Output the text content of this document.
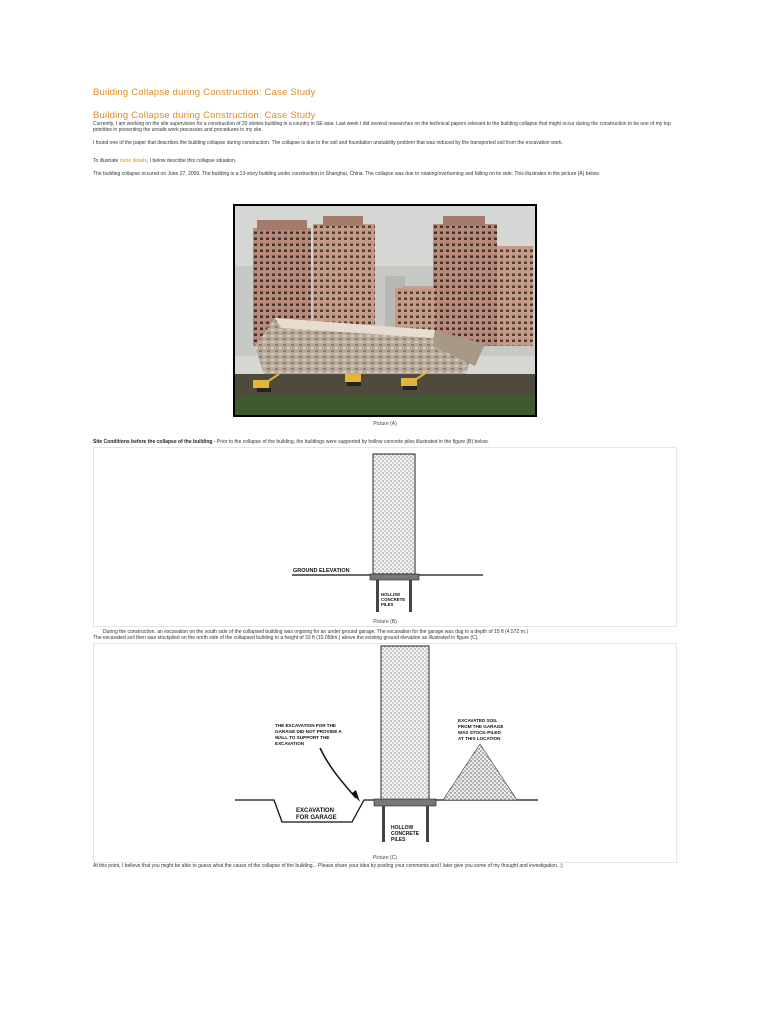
Building Collapse during Construction: Case Study
Building Collapse during Construction: Case Study
Currently, I am working on the site supervision for a construction of 20 stories building in a country in SE asia. Last week I did several researches on the technical papers relevant to the building collapse that might occur during the construction to be one of my top priorities in preventing the unsafe work processes and procedures in my site.
I found one of the paper that describes the building collapse during construction. The collapse is due to the soil and foundation unstability problem that was induced by the transported soil from the excavation work.
To illustrate more details, I below describe this collapse situation.
The building collapse occured on June 27, 2009. The building is a 13-story building under construction in Shanghai, China. The collapse was due to rotating/overturning and falling on its side. This illustrates in the picture (A) below.
Picture (A)
Site Conditions before the collapse of the building - Prior to the collapse of the building, the buildings were supported by hollow concrete piles illustrated in the figure (B) below.
GROUND ELEVATION
HOLLOW
CONCRETE
PILES
Picture (B)
During the construction, an excavation on the south side of the collapsed building was ongoing for an under ground garage. The excavation for the garage was dug to a depth of 15 ft (4.572 m.)
The excavated soil then was stockpiled on the north side of the collapsed building to a height of 33 ft (10.058m.) above the existing ground elevation as illustrated in figure (C).
THE EXCAVATION FOR THE
GARAGE DID NOT PROVIDE A
WALL TO SUPPORT THE
EXCAVATION
EXCAVATED SOIL
FROM THE GARAGE
WAS STOCK-PILED
AT THIS LOCATION
EXCAVATION
FOR GARAGE
HOLLOW
CONCRETE
PILES
Picture (C)
At this point, I believe that you might be able to guess what the cause of the collapse of the building... Please share your idea by posting your comments and I later give you some of my thought and investigation. :)
